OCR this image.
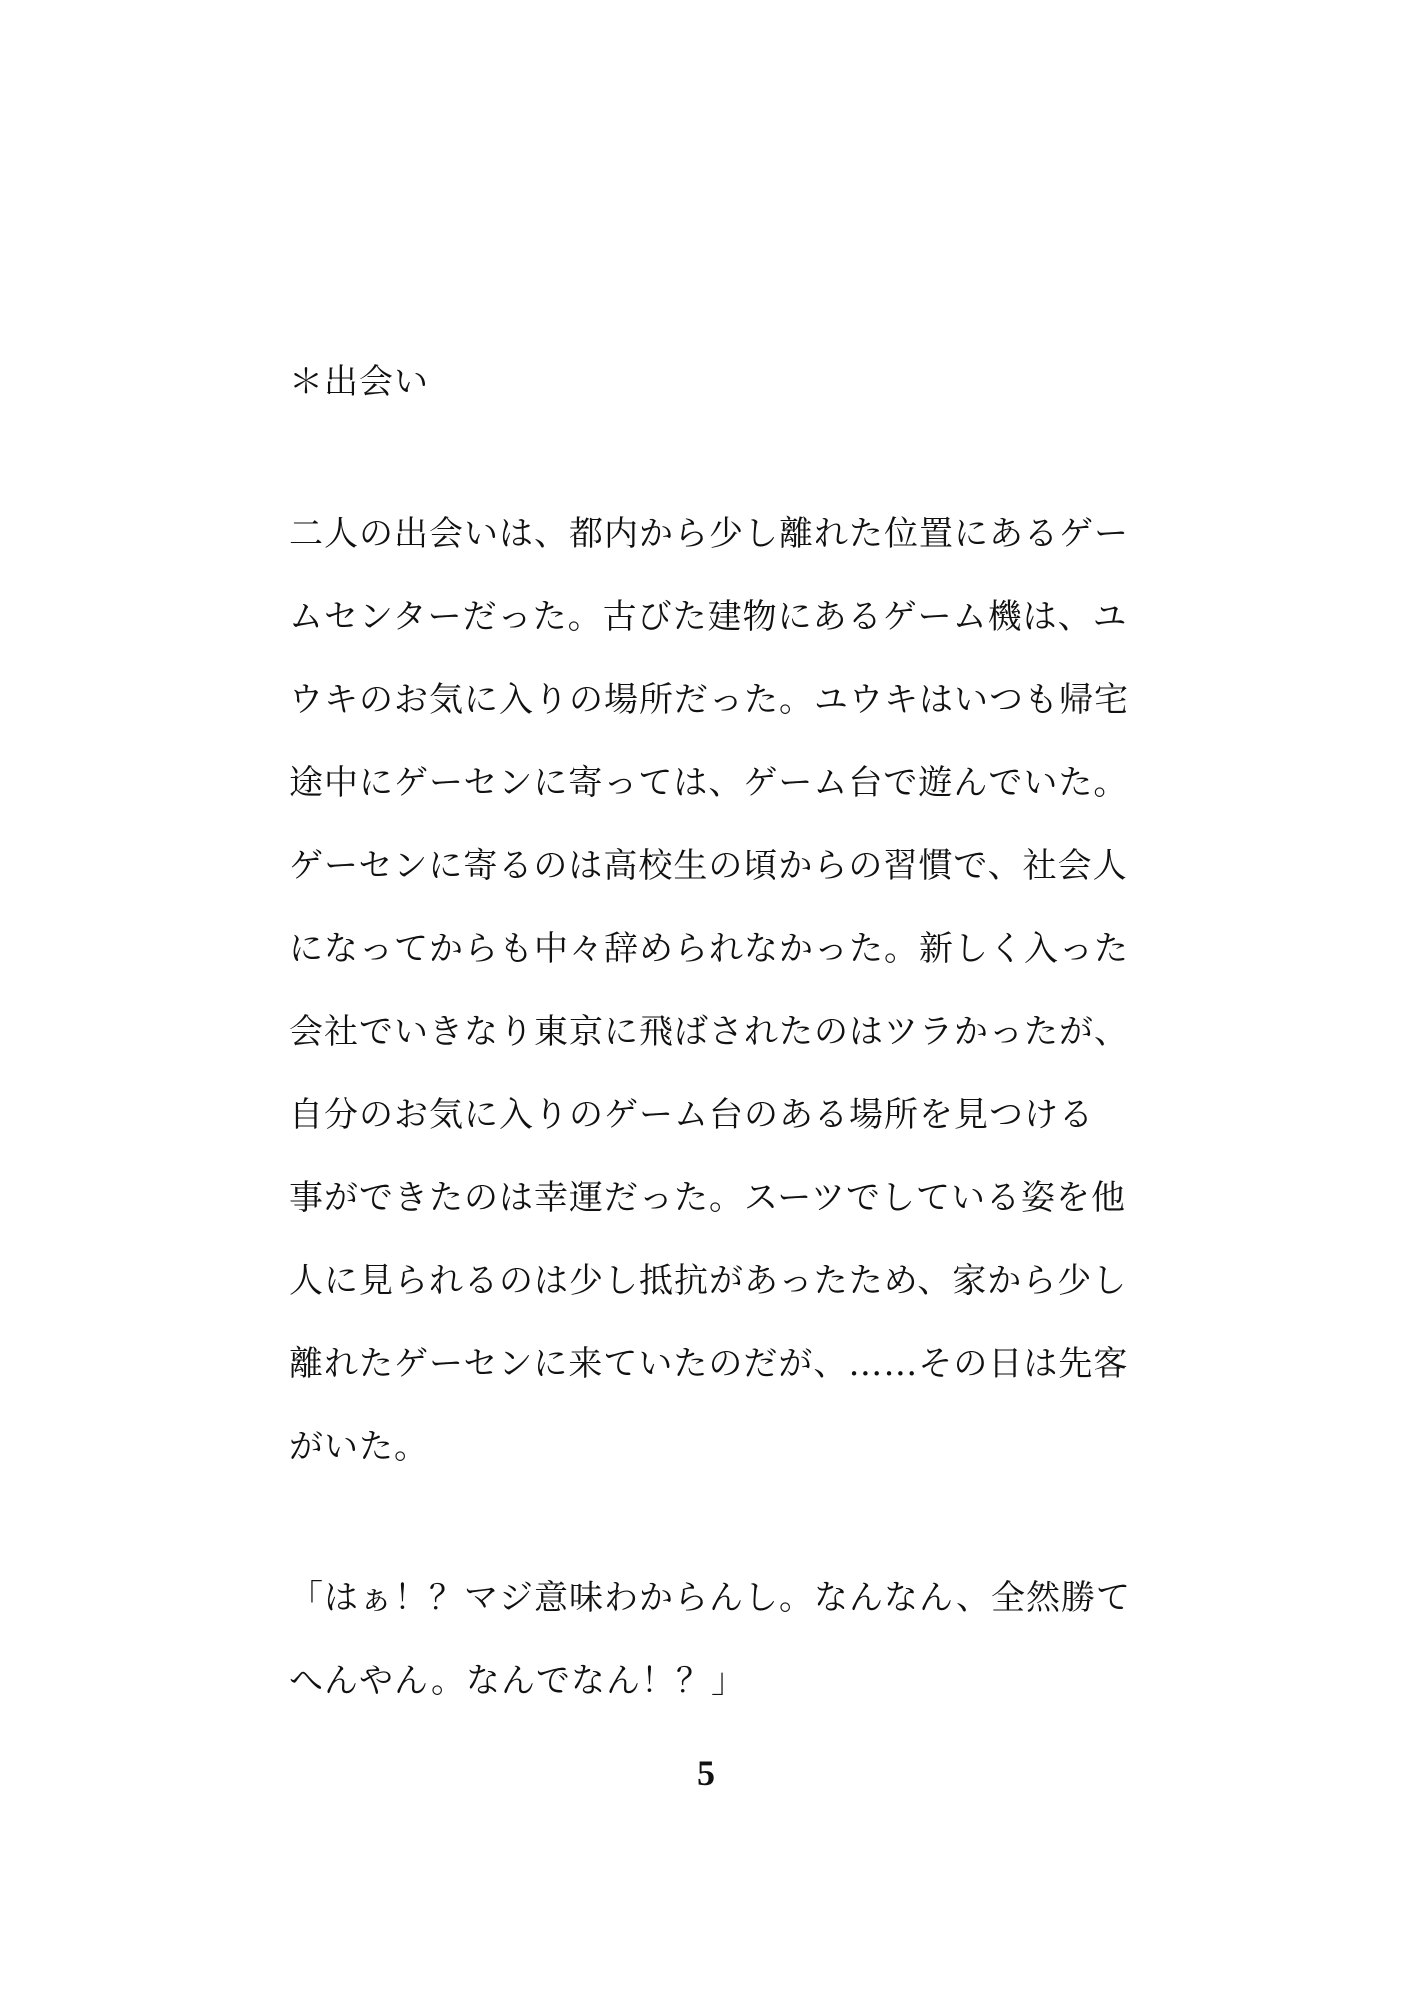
＊出会い
二人の出会いは、都内から少し離れた位置にあるゲー
ムセンターだった。古びた建物にあるゲーム機は、ユ
ウキのお気に入りの場所だった。ユウキはいつも帰宅
途中にゲーセンに寄っては、ゲーム台で遊んでいた。
ゲーセンに寄るのは高校生の頃からの習慣で、社会人
になってからも中々辞められなかった。新しく入った
会社でいきなり東京に飛ばされたのはツラかったが、
自分のお気に入りのゲーム台のある場所を見つける
事ができたのは幸運だった。スーツでしている姿を他
人に見られるのは少し抵抗があったため、家から少し
離れたゲーセンに来ていたのだが、……その日は先客
がいた。
「はぁ！？マジ意味わからんし。なんなん、全然勝て
へんやん。なんでなん！？」
5
